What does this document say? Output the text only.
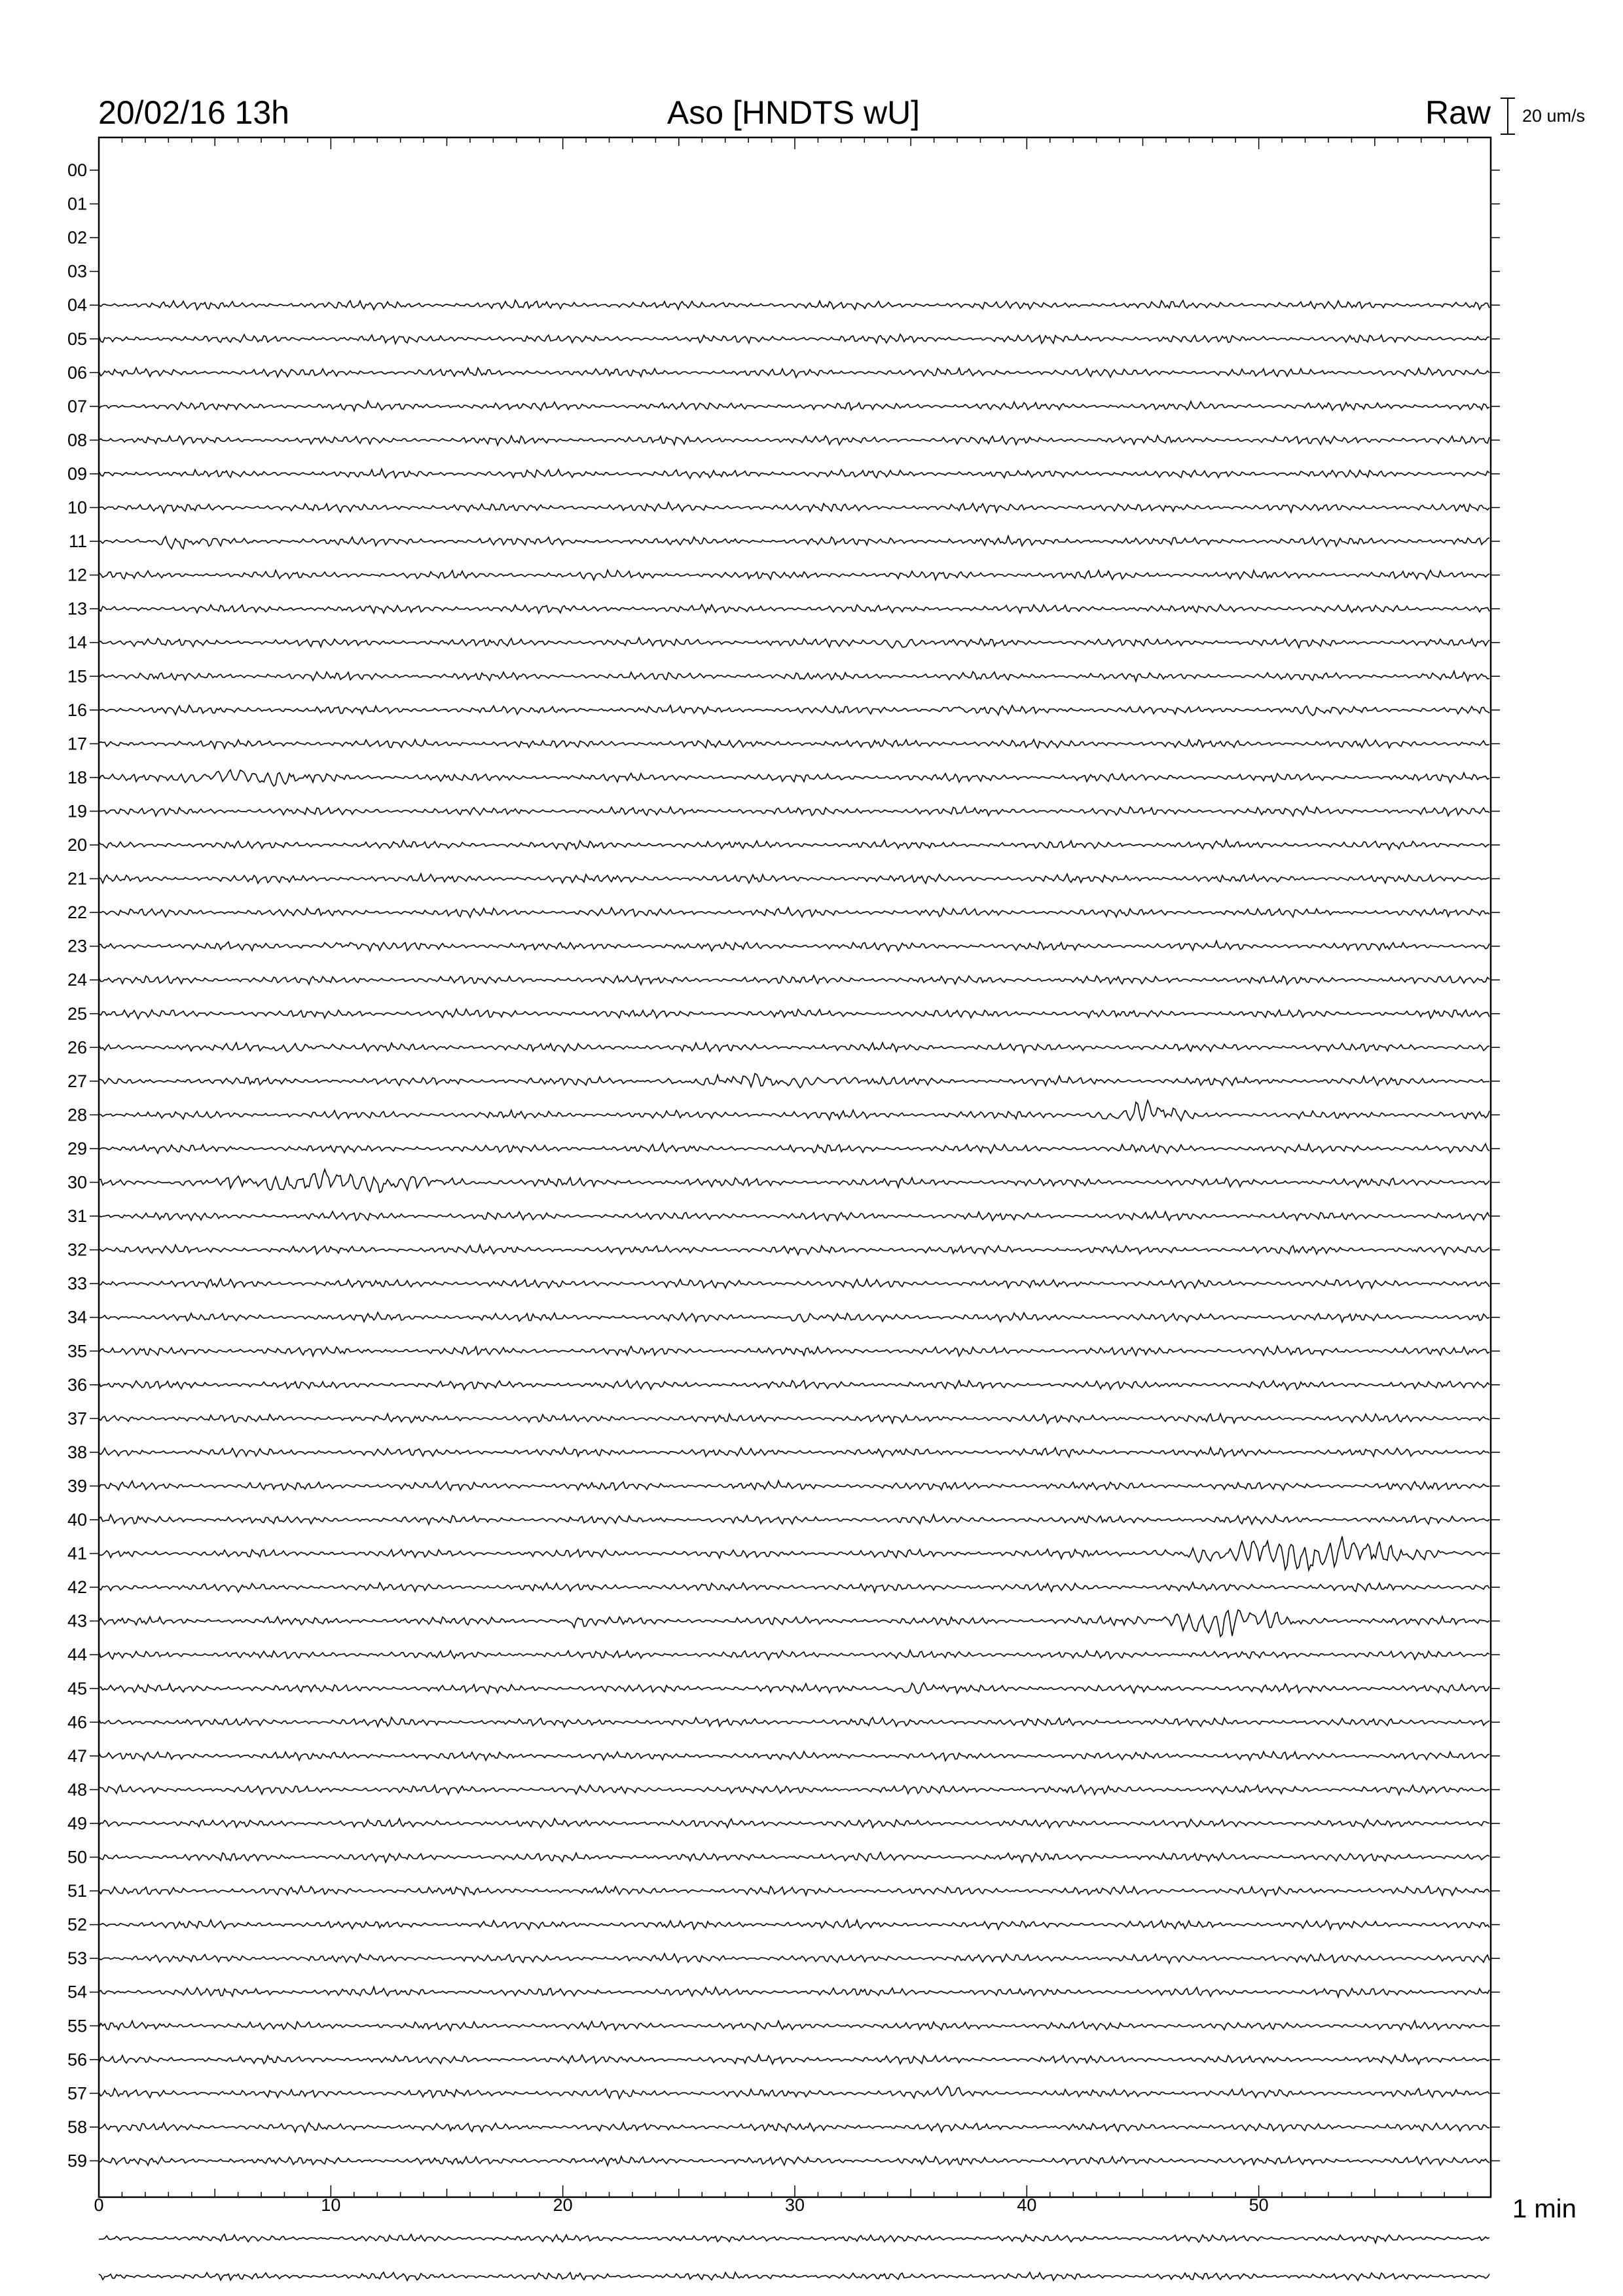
20/02/16 13h	Aso [HNDTS wU]	Raw 20 um/s
00
01
02
03
04
05
06
07
08
09
10
11
12
13
14
15
16
17
18
19
20
21
22
23
24
25
26
27
28
29
30
31
32
33
34
35
36
37
38
39
40
41
42
43
44
45
46
47
48
49
50
51
52
53
54
55
56
57
58
59
0	10	20	30	40	50	1 min
